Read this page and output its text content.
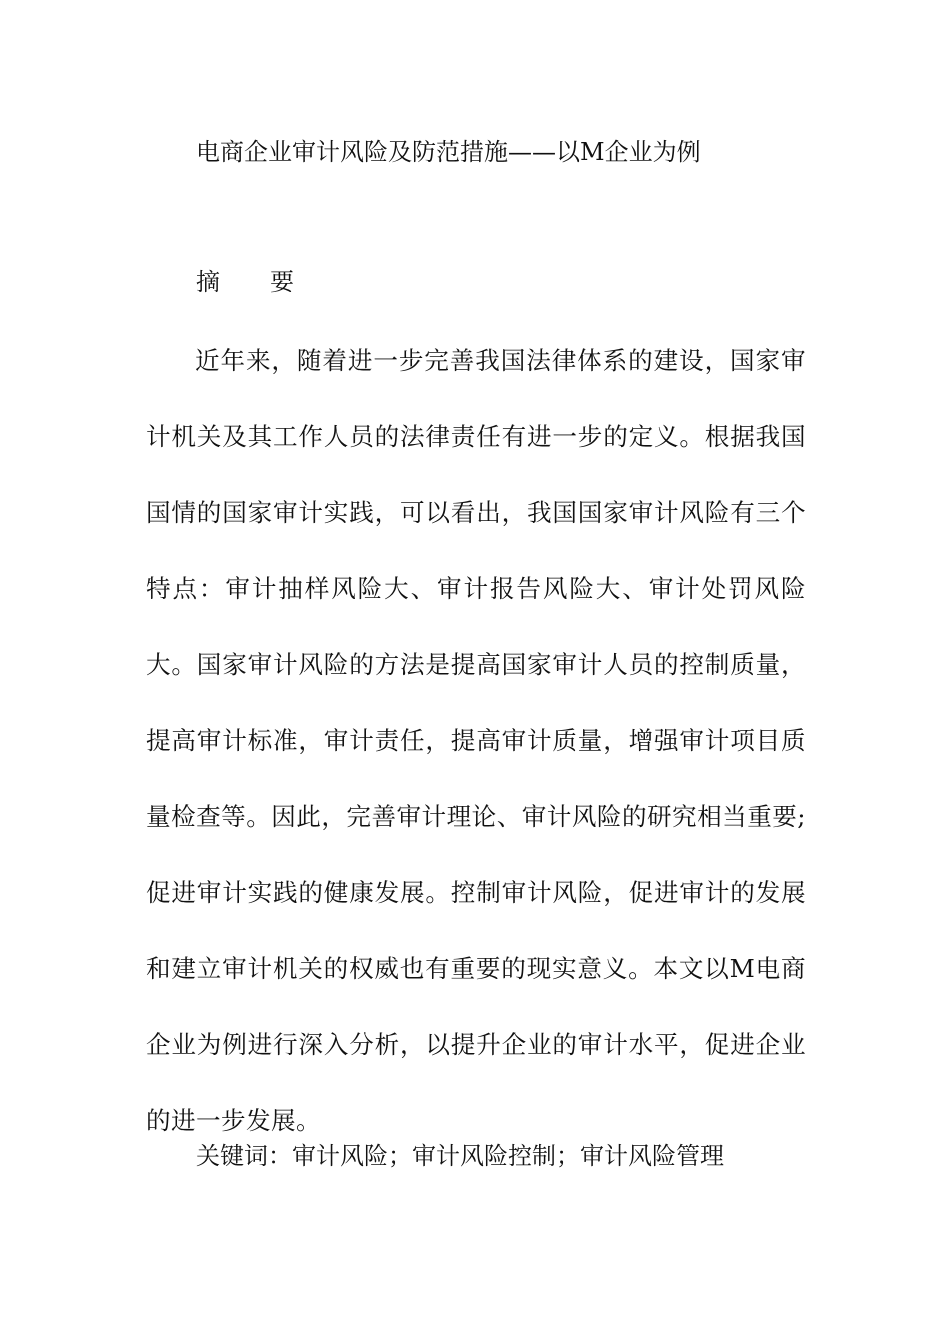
电商企业审计风险及防范措施——以M企业为例
摘 要

近年来，随着进一步完善我国法律体系的建设，国家审计机关及其工作人员的法律责任有进一步的定义。根据我国国情的国家审计实践，可以看出，我国国家审计风险有三个特点：审计抽样风险大、审计报告风险大、审计处罚风险大。国家审计风险的方法是提高国家审计人员的控制质量，提高审计标准，审计责任，提高审计质量，增强审计项目质量检查等。因此，完善审计理论、审计风险的研究相当重要;促进审计实践的健康发展。控制审计风险，促进审计的发展和建立审计机关的权威也有重要的现实意义。本文以M电商企业为例进行深入分析，以提升企业的审计水平，促进企业的进一步发展。

关键词：审计风险；审计风险控制；审计风险管理
